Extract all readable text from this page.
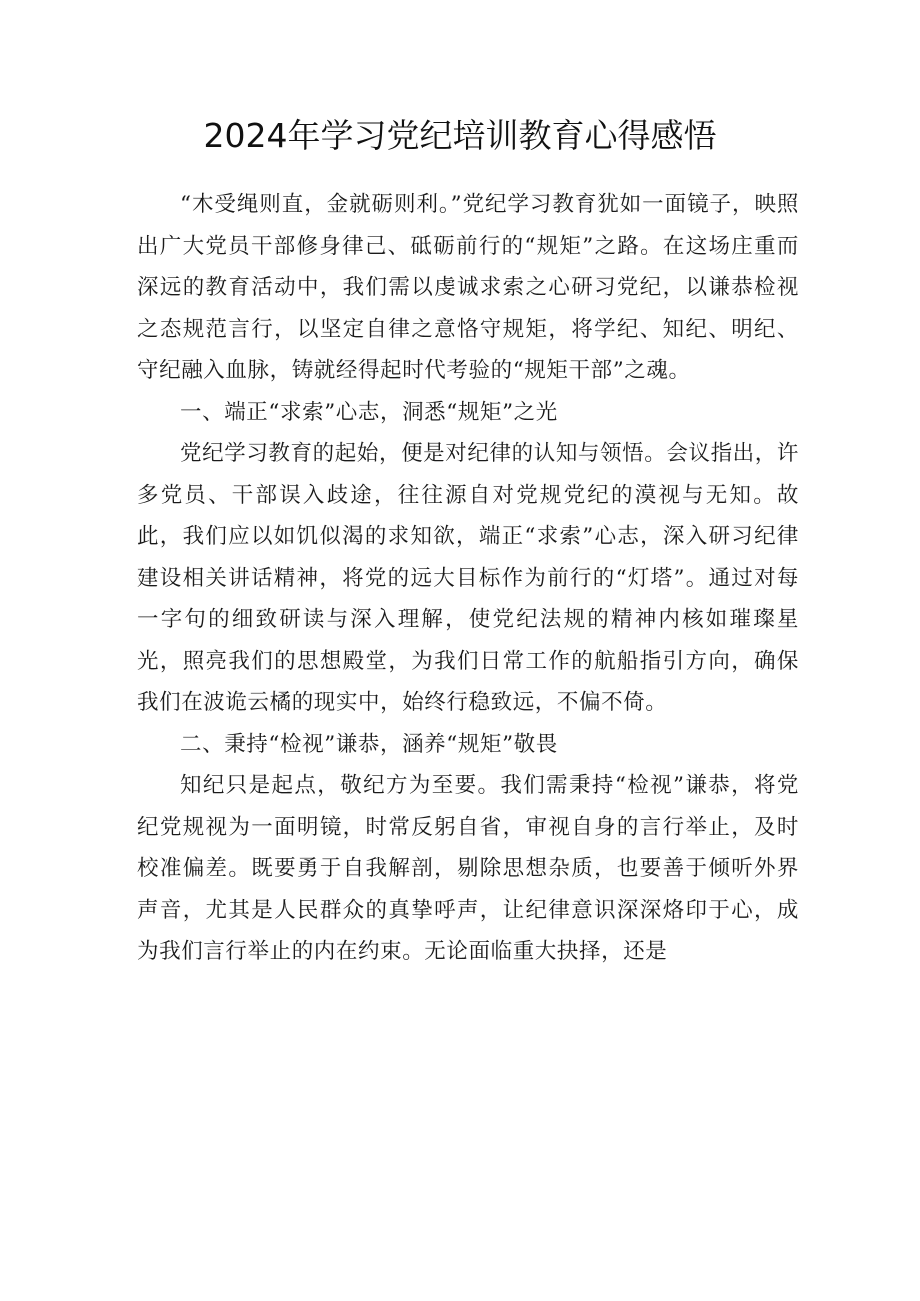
2024年学习党纪培训教育心得感悟

“木受绳则直，金就砺则利。”党纪学习教育犹如一面镜子，映照出广大党员干部修身律己、砥砺前行的“规矩”之路。在这场庄重而深远的教育活动中，我们需以虔诚求索之心研习党纪，以谦恭检视之态规范言行，以坚定自律之意恪守规矩，将学纪、知纪、明纪、守纪融入血脉，铸就经得起时代考验的“规矩干部”之魂。

一、端正“求索”心志，洞悉“规矩”之光

党纪学习教育的起始，便是对纪律的认知与领悟。会议指出，许多党员、干部误入歧途，往往源自对党规党纪的漠视与无知。故此，我们应以如饥似渴的求知欲，端正“求索”心志，深入研习纪律建设相关讲话精神，将党的远大目标作为前行的“灯塔”。通过对每一字句的细致研读与深入理解，使党纪法规的精神内核如璀璨星光，照亮我们的思想殿堂，为我们日常工作的航船指引方向，确保我们在波诡云橘的现实中，始终行稳致远，不偏不倚。

二、秉持“检视”谦恭，涵养“规矩”敬畏

知纪只是起点，敬纪方为至要。我们需秉持“检视”谦恭，将党纪党规视为一面明镜，时常反躬自省，审视自身的言行举止，及时校准偏差。既要勇于自我解剖，剔除思想杂质，也要善于倾听外界声音，尤其是人民群众的真挚呼声，让纪律意识深深烙印于心，成为我们言行举止的内在约束。无论面临重大抉择，还是
